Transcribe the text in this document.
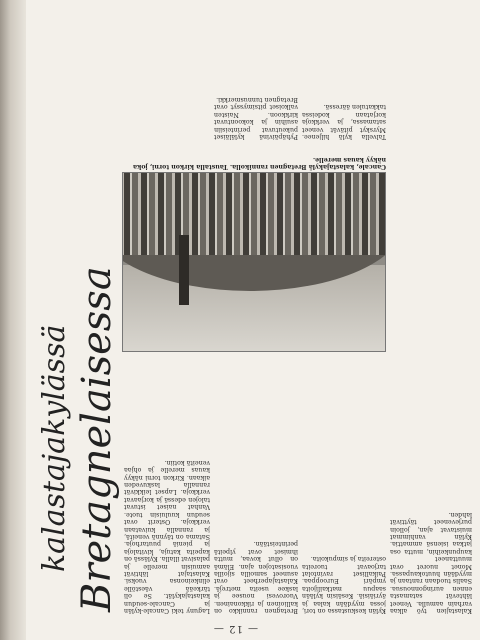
— 12 —
Bretagnelaisessa
kalastajakylässä
Laguny teki Cancale-kylän ja Cancale-seudun kalastajakylät. Se oli tärkeää väestölle elinkeinonsa vuoksi. Kalastajat lähtivät aamuisin merelle ja palasivat illalla. Kylässä on kapeita katuja, kivitaloja ja pieniä puutarhoja. Satama on täynnä veneitä, ja rannalla kuivataan verkkoja. Osterit ovat seudun kuuluisin tuote. Vanhat naiset istuvat talojen edessä ja korjaavat verkkoja. Lapset leikkivät rannalla laskuveden aikaan. Kirkon torni näkyy kauas merelle ja ohjaa veneitä kotiin.
Bretagnen rannikko on kallioinen ja rikkonainen. Vuorovesi nousee ja laskee useita metrejä. Kalastajaperheet ovat asuneet samoilla sijoilla vuosisatojen ajan. Elämä on ollut kovaa, mutta ihmiset ovat ylpeitä perinteistään.
Kylän keskustassa on tori, jossa myydään kalaa ja äyriäisiä. Kesäisin kylään saapuu matkailijoita ympäri Eurooppaa. Paikalliset ravintolat tarjoavat tuoreita ostereita ja simpukoita.
Kalastajien työ alkaa varhain aamulla. Veneet lähtevät satamasta ennen auringonnousua. Saalis tuodaan rantaan ja myydään huutokaupassa. Monet nuoret ovat muuttaneet kaupunkeihin, mutta osa jatkaa isiensä ammattia. Kylän vanhimmat muistavat ajan, jolloin purjeveneet täyttivät lahden.
Cancale, kalastajakylä Bretagnen rannikolla. Taustalla kirkon torni, joka näkyy kauas merelle.
Pyhäpäivinä kyläläiset pukeutuvat perinteisiin asuihin ja kokoontuvat kirkkoon. Naisten valkoiset pitsimyssyt ovat Bretagnen tunnusmerkki.
Talvella kylä hiljenee. Myrskyt pitävät veneet satamassa, ja verkkoja korjataan kodeissa takkatulen ääressä.
